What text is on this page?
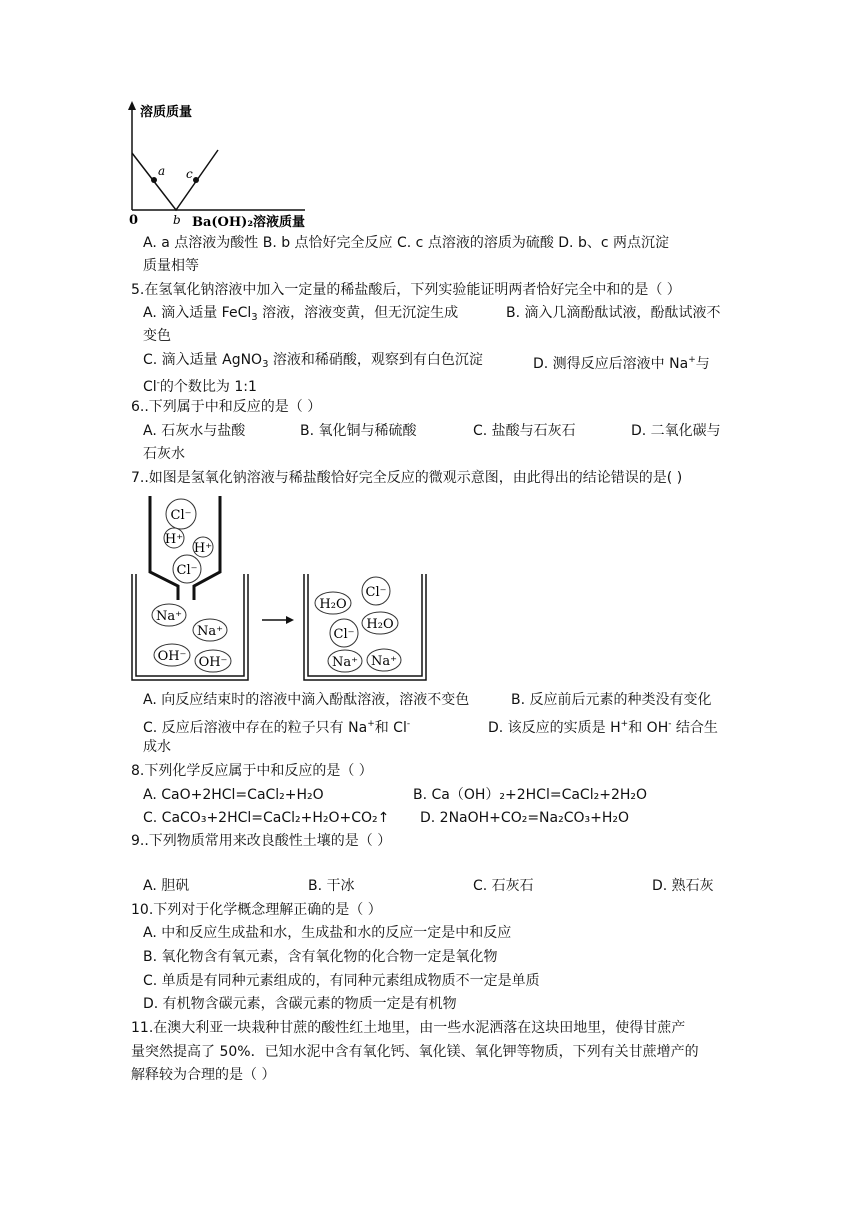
溶质质量
0
a
b
c
Ba(OH)₂溶液质量
A. a 点溶液为酸性 B. b 点恰好完全反应 C. c 点溶液的溶质为硫酸 D. b、c 两点沉淀
质量相等
5.在氢氧化钠溶液中加入一定量的稀盐酸后，下列实验能证明两者恰好完全中和的是（ ）
A. 滴入适量 FeCl$_3$ 溶液，溶液变黄，但无沉淀生成	B. 滴入几滴酚酞试液，酚酞试液不
变色
C. 滴入适量 AgNO$_3$ 溶液和稀硝酸，观察到有白色沉淀	D. 测得反应后溶液中 Na+与
Cl-的个数比为 1:1
6..下列属于中和反应的是（ ）
A. 石灰水与盐酸	B. 氧化铜与稀硫酸	C. 盐酸与石灰石	D. 二氧化碳与
石灰水
7..如图是氢氧化钠溶液与稀盐酸恰好完全反应的微观示意图，由此得出的结论错误的是( )
Cl⁻
H⁺
H⁺
Cl⁻
Na⁺
Na⁺
OH⁻ OH⁻
H₂O
Cl⁻
H₂O
Cl⁻
Na⁺ Na⁺
A. 向反应结束时的溶液中滴入酚酞溶液，溶液不变色	B. 反应前后元素的种类没有变化
C. 反应后溶液中存在的粒子只有 Na+和 Cl-	D. 该反应的实质是 H+和 OH- 结合生
成水
8.下列化学反应属于中和反应的是（ ）
A. CaO+2HCl=CaCl₂+H₂O	B. Ca（OH）₂+2HCl=CaCl₂+2H₂O
C. CaCO₃+2HCl=CaCl₂+H₂O+CO₂↑ D. 2NaOH+CO₂=Na₂CO₃+H₂O
9..下列物质常用来改良酸性土壤的是（ ）
A. 胆矾	B. 干冰	C. 石灰石	D. 熟石灰
10.下列对于化学概念理解正确的是（ ）
A. 中和反应生成盐和水，生成盐和水的反应一定是中和反应
B. 氧化物含有氧元素，含有氧化物的化合物一定是氧化物
C. 单质是有同种元素组成的，有同种元素组成物质不一定是单质
D. 有机物含碳元素，含碳元素的物质一定是有机物
11.在澳大利亚一块栽种甘蔗的酸性红土地里，由一些水泥洒落在这块田地里，使得甘蔗产
量突然提高了 50%．已知水泥中含有氧化钙、氧化镁、氧化钾等物质，下列有关甘蔗增产的
解释较为合理的是（ ）
